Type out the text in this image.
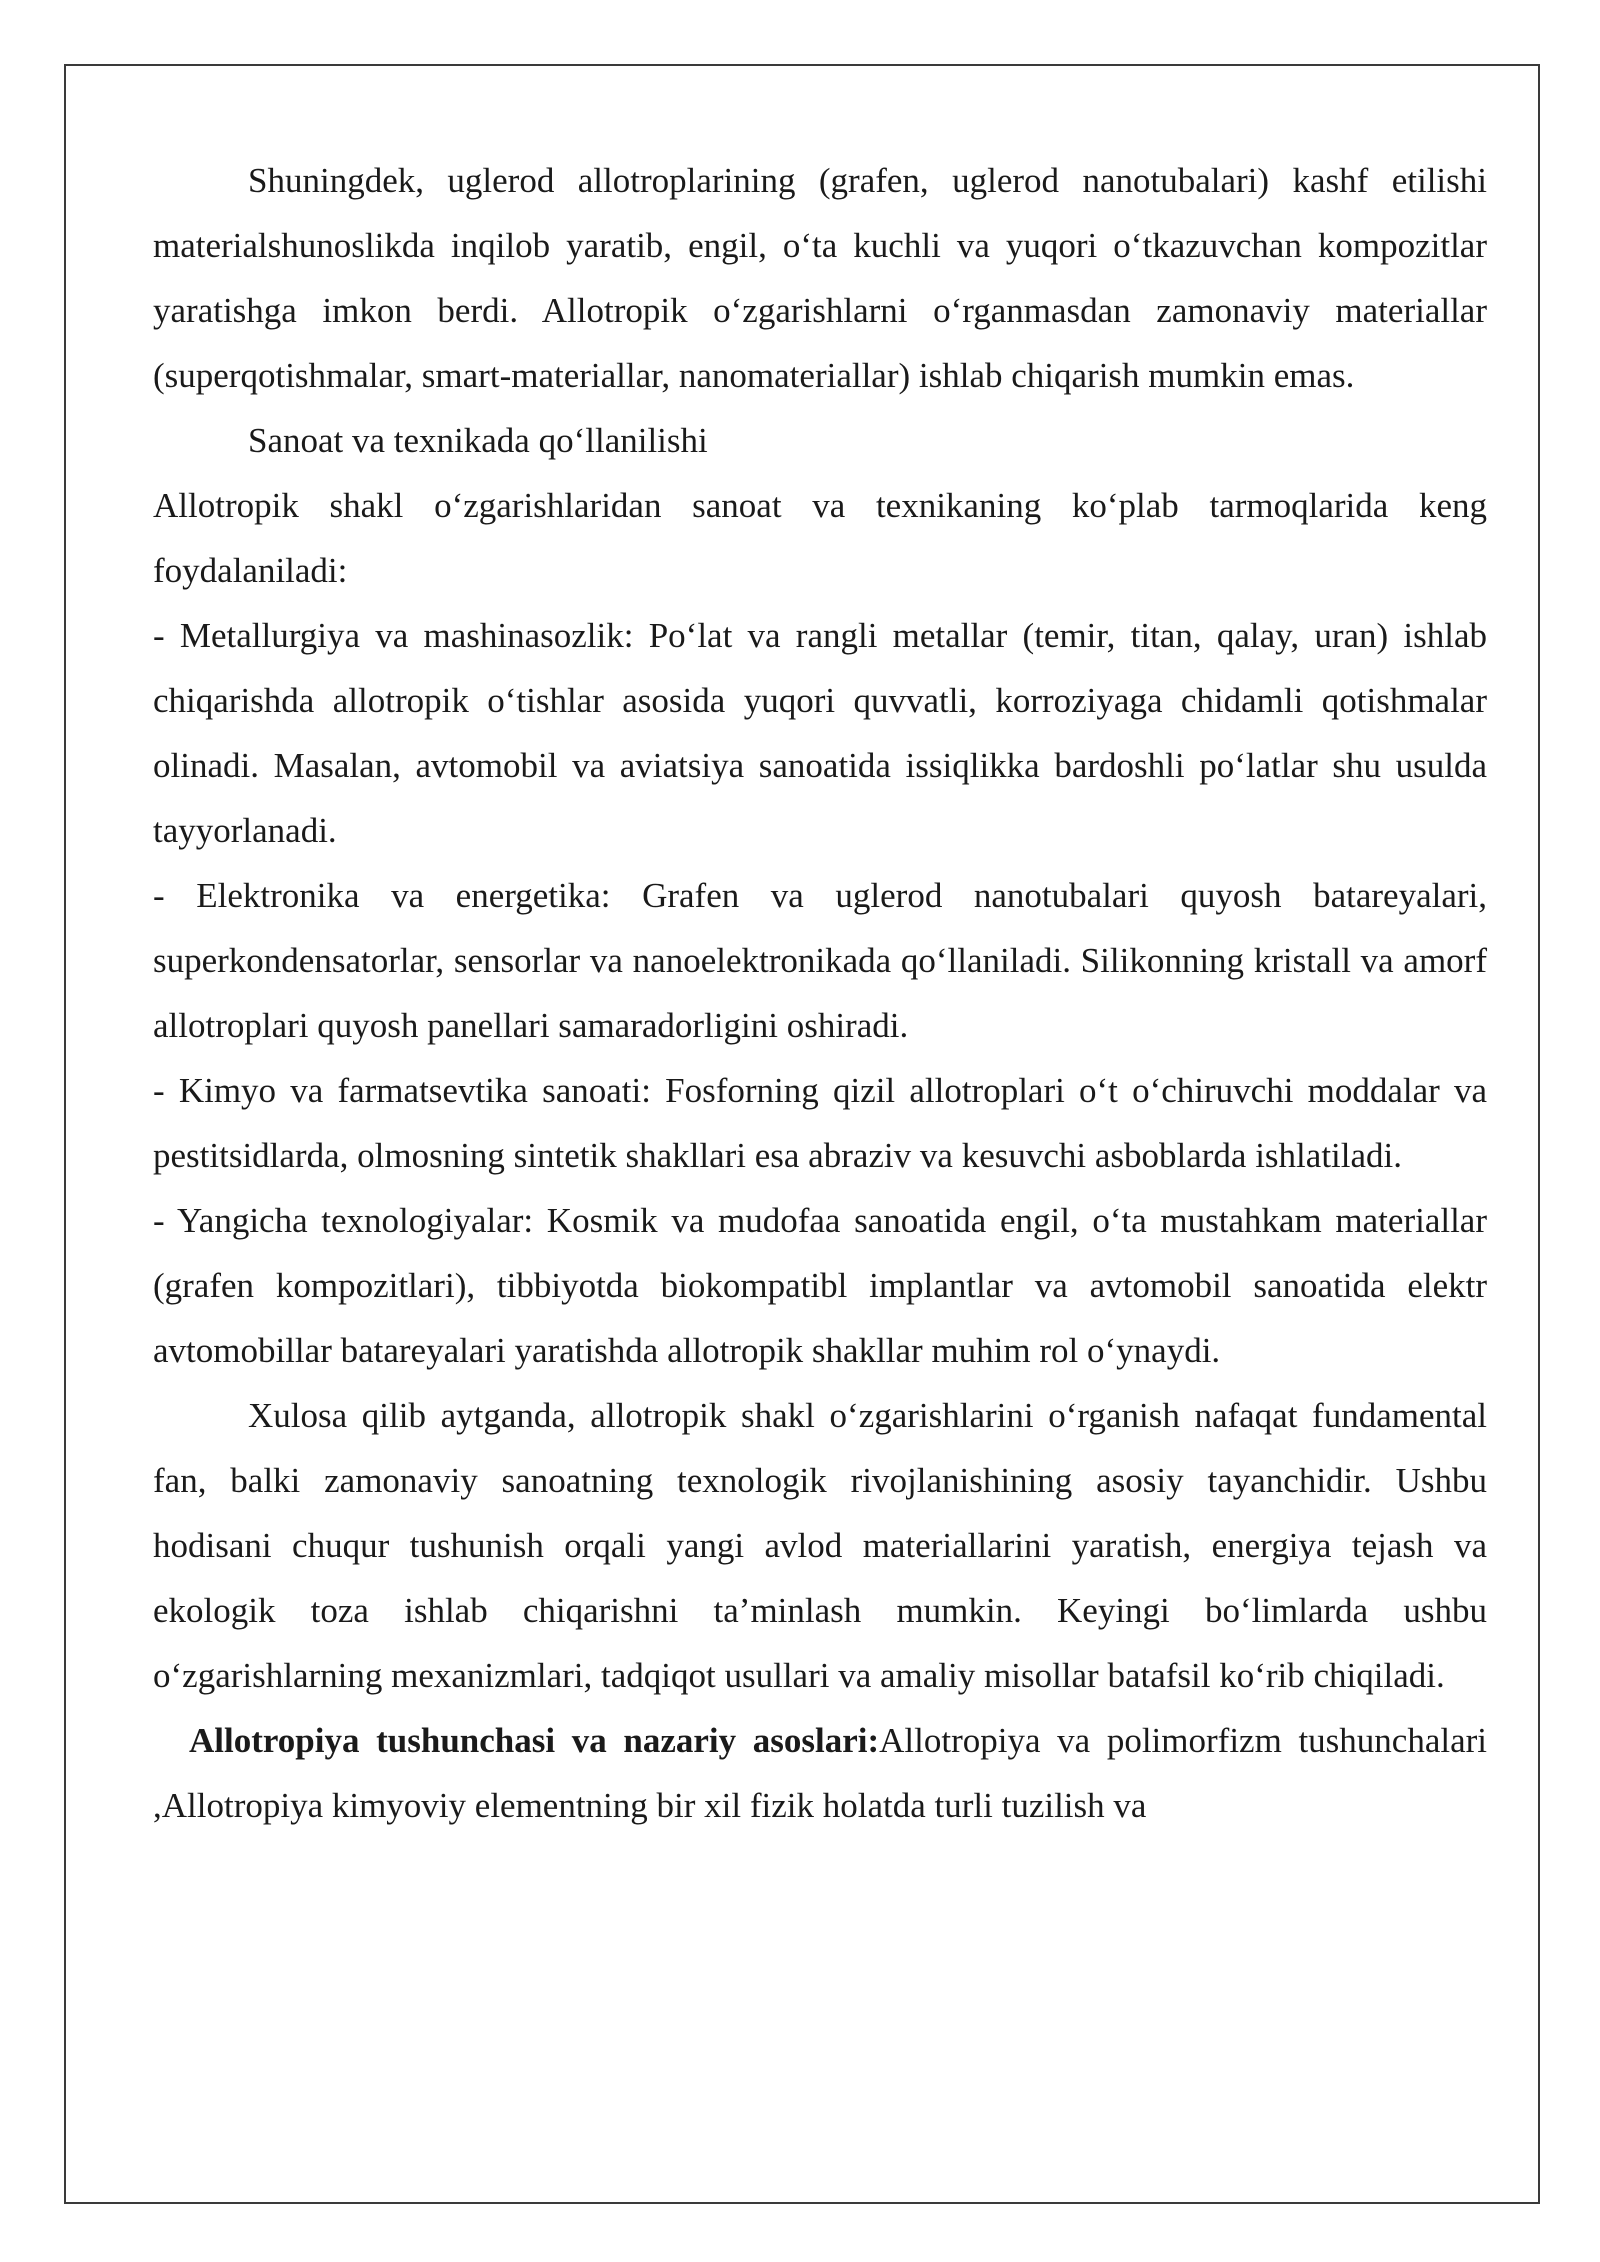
Shuningdek, uglerod allotroplarining (grafen, uglerod nanotubalari) kashf etilishi materialshunoslikda inqilob yaratib, engil, o‘ta kuchli va yuqori o‘tkazuvchan kompozitlar yaratishga imkon berdi. Allotropik o‘zgarishlarni o‘rganmasdan zamonaviy materiallar (superqotishmalar, smart-materiallar, nanomateriallar) ishlab chiqarish mumkin emas.

Sanoat va texnikada qo‘llanilishi

Allotropik shakl o‘zgarishlaridan sanoat va texnikaning ko‘plab tarmoqlarida keng foydalaniladi:

- Metallurgiya va mashinasozlik: Po‘lat va rangli metallar (temir, titan, qalay, uran) ishlab chiqarishda allotropik o‘tishlar asosida yuqori quvvatli, korroziyaga chidamli qotishmalar olinadi. Masalan, avtomobil va aviatsiya sanoatida issiqlikka bardoshli po‘latlar shu usulda tayyorlanadi.

- Elektronika va energetika: Grafen va uglerod nanotubalari quyosh batareyalari, superkondensatorlar, sensorlar va nanoelektronikada qo‘llaniladi. Silikonning kristall va amorf allotroplari quyosh panellari samaradorligini oshiradi.

- Kimyo va farmatsevtika sanoati: Fosforning qizil allotroplari o‘t o‘chiruvchi moddalar va pestitsidlarda, olmosning sintetik shakllari esa abraziv va kesuvchi asboblarda ishlatiladi.

- Yangicha texnologiyalar: Kosmik va mudofaa sanoatida engil, o‘ta mustahkam materiallar (grafen kompozitlari), tibbiyotda biokompatibl implantlar va avtomobil sanoatida elektr avtomobillar batareyalari yaratishda allotropik shakllar muhim rol o‘ynaydi.

Xulosa qilib aytganda, allotropik shakl o‘zgarishlarini o‘rganish nafaqat fundamental fan, balki zamonaviy sanoatning texnologik rivojlanishining asosiy tayanchidir. Ushbu hodisani chuqur tushunish orqali yangi avlod materiallarini yaratish, energiya tejash va ekologik toza ishlab chiqarishni ta’minlash mumkin. Keyingi bo‘limlarda ushbu o‘zgarishlarning mexanizmlari, tadqiqot usullari va amaliy misollar batafsil ko‘rib chiqiladi.

Allotropiya tushunchasi va nazariy asoslari:Allotropiya va polimorfizm tushunchalari ,Allotropiya kimyoviy elementning bir xil fizik holatda turli tuzilish va
